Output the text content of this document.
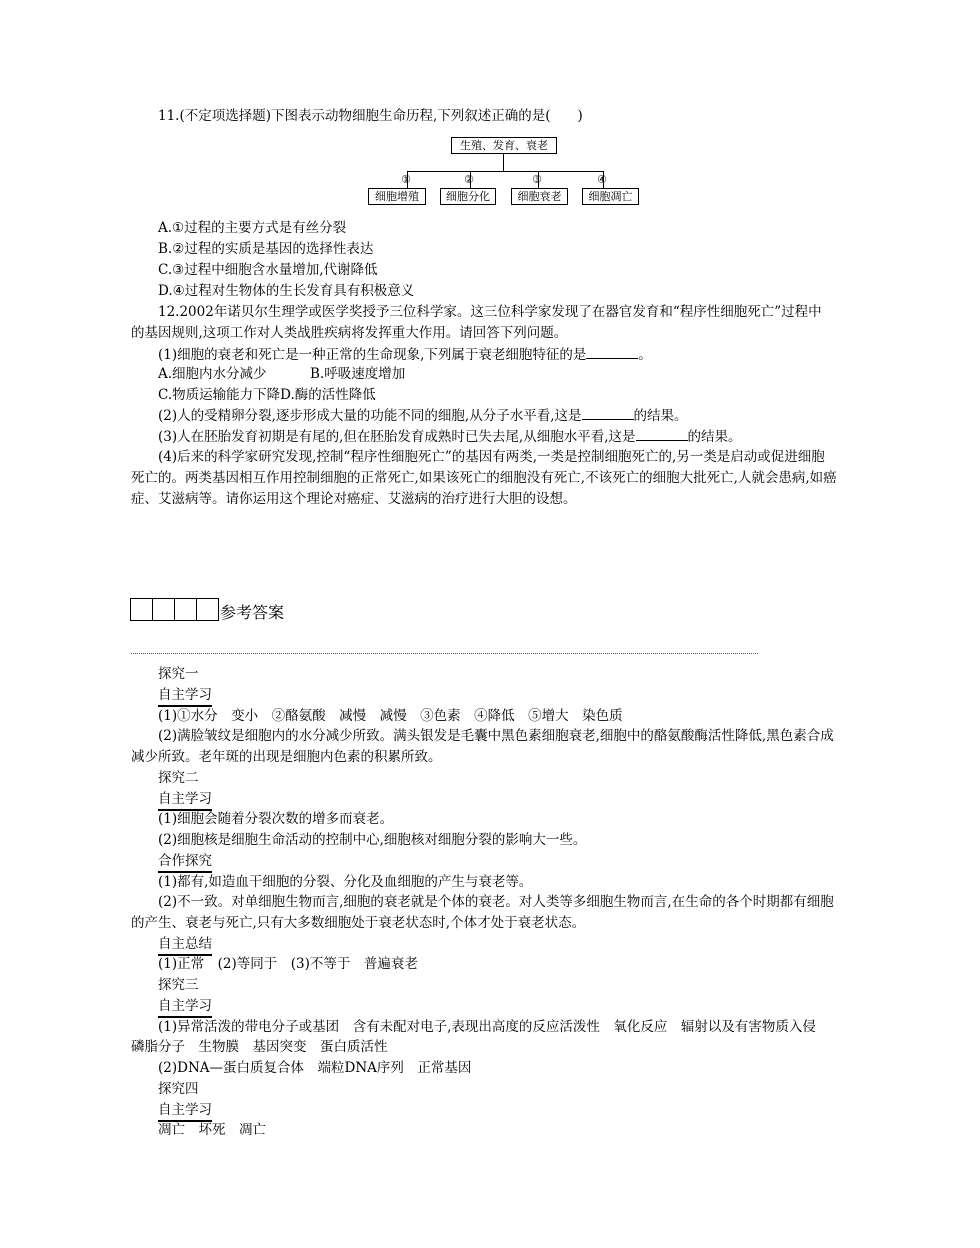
11.(不定项选择题)下图表示动物细胞生命历程,下列叙述正确的是(　　)
生殖、发育、衰老
①	②	③	④
细胞增殖	细胞分化	细胞衰老	细胞凋亡
A.①过程的主要方式是有丝分裂
B.②过程的实质是基因的选择性表达
C.③过程中细胞含水量增加,代谢降低
D.④过程对生物体的生长发育具有积极意义
12.2002年诺贝尔生理学或医学奖授予三位科学家。这三位科学家发现了在器官发育和“程序性细胞死亡”过程中
的基因规则,这项工作对人类战胜疾病将发挥重大作用。请回答下列问题。
(1)细胞的衰老和死亡是一种正常的生命现象,下列属于衰老细胞特征的是	。
A.细胞内水分减少	B.呼吸速度增加
C.物质运输能力下降D.酶的活性降低
(2)人的受精卵分裂,逐步形成大量的功能不同的细胞,从分子水平看,这是	的结果。
(3)人在胚胎发育初期是有尾的,但在胚胎发育成熟时已失去尾,从细胞水平看,这是	的结果。
(4)后来的科学家研究发现,控制“程序性细胞死亡”的基因有两类,一类是控制细胞死亡的,另一类是启动或促进细胞
死亡的。两类基因相互作用控制细胞的正常死亡,如果该死亡的细胞没有死亡,不该死亡的细胞大批死亡,人就会患病,如癌
症、艾滋病等。请你运用这个理论对癌症、艾滋病的治疗进行大胆的设想。
参考答案
探究一
自主学习
(1)①水分　变小　②酪氨酸　减慢　减慢　③色素　④降低　⑤增大　染色质
(2)满脸皱纹是细胞内的水分减少所致。满头银发是毛囊中黑色素细胞衰老,细胞中的酪氨酸酶活性降低,黑色素合成
减少所致。老年斑的出现是细胞内色素的积累所致。
探究二
自主学习
(1)细胞会随着分裂次数的增多而衰老。
(2)细胞核是细胞生命活动的控制中心,细胞核对细胞分裂的影响大一些。
合作探究
(1)都有,如造血干细胞的分裂、分化及血细胞的产生与衰老等。
(2)不一致。对单细胞生物而言,细胞的衰老就是个体的衰老。对人类等多细胞生物而言,在生命的各个时期都有细胞
的产生、衰老与死亡,只有大多数细胞处于衰老状态时,个体才处于衰老状态。
自主总结
(1)正常　(2)等同于　(3)不等于　普遍衰老
探究三
自主学习
(1)异常活泼的带电分子或基团　含有未配对电子,表现出高度的反应活泼性　氧化反应　辐射以及有害物质入侵
磷脂分子　生物膜　基因突变　蛋白质活性
(2)DNA—蛋白质复合体　端粒DNA序列　正常基因
探究四
自主学习
凋亡　坏死　凋亡
